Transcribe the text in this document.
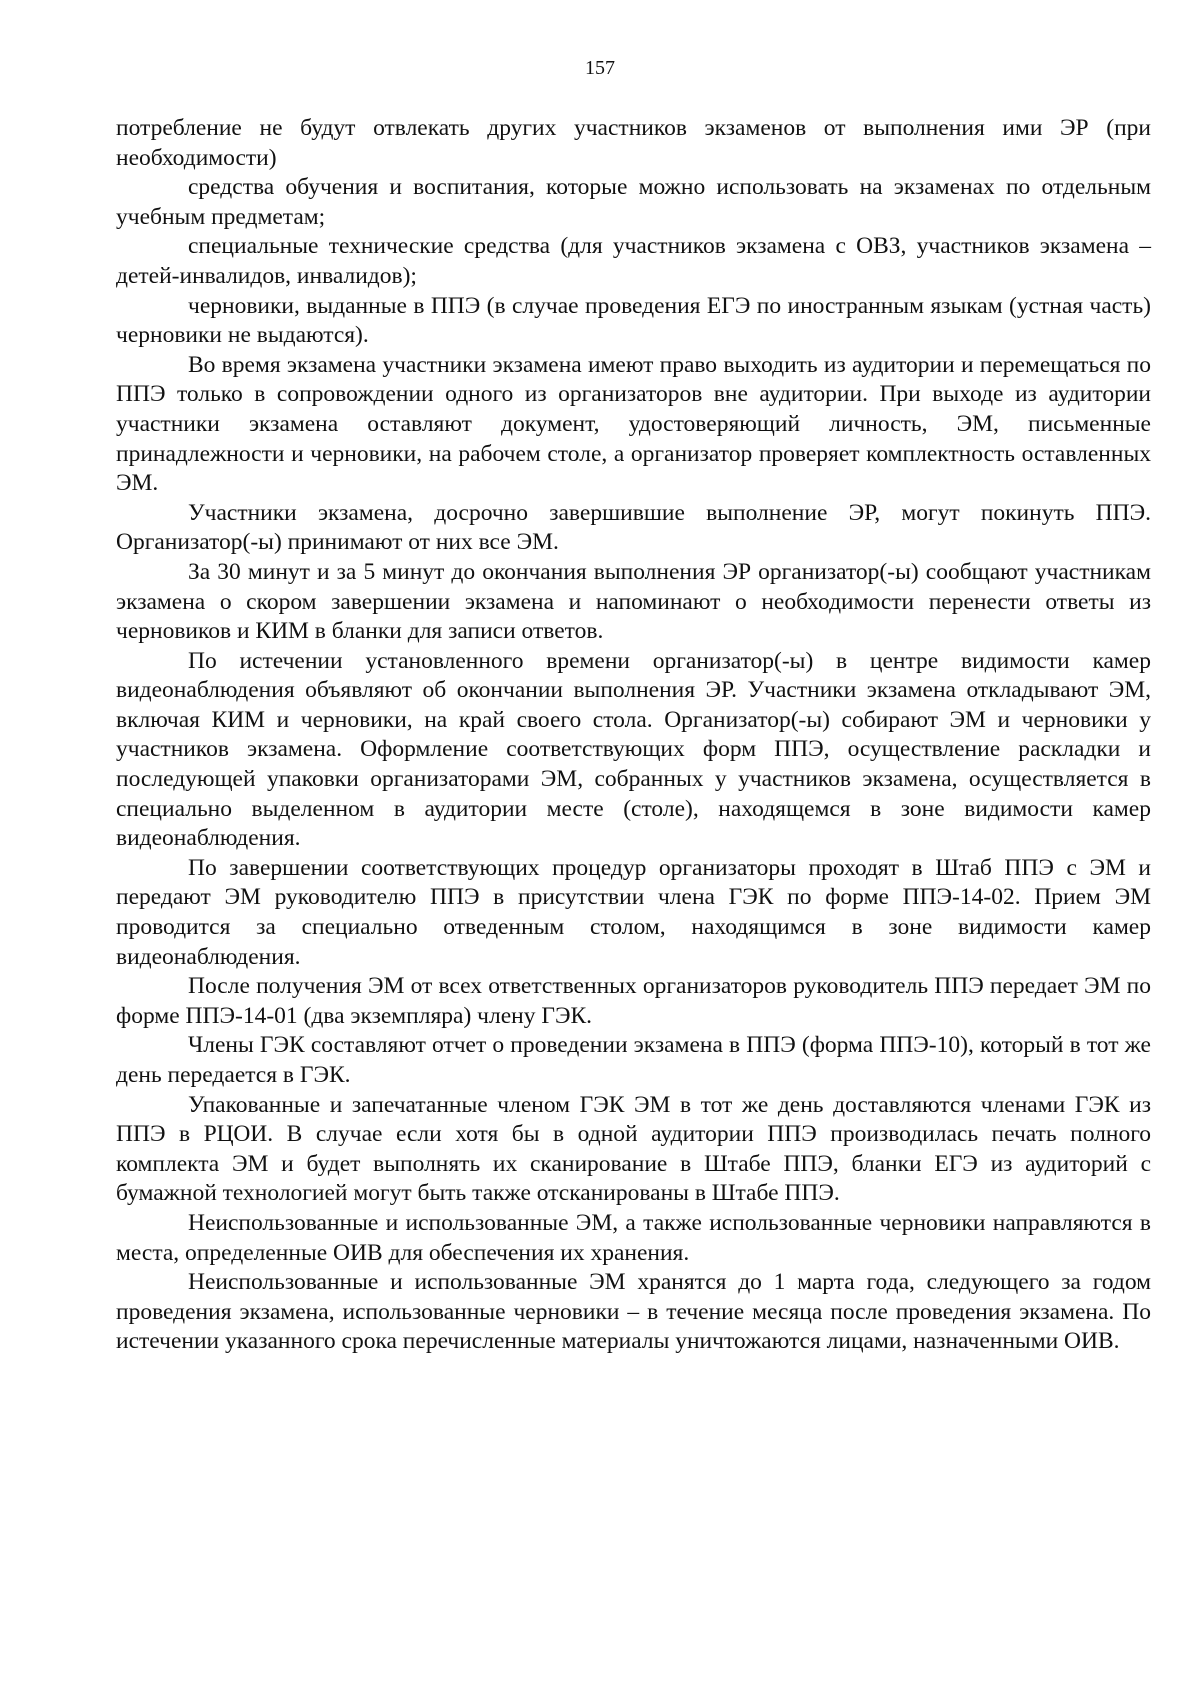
157

потребление не будут отвлекать других участников экзаменов от выполнения ими ЭР (при необходимости)

средства обучения и воспитания, которые можно использовать на экзаменах по отдельным учебным предметам;

специальные технические средства (для участников экзамена с ОВЗ, участников экзамена – детей-инвалидов, инвалидов);

черновики, выданные в ППЭ (в случае проведения ЕГЭ по иностранным языкам (устная часть) черновики не выдаются).

Во время экзамена участники экзамена имеют право выходить из аудитории и перемещаться по ППЭ только в сопровождении одного из организаторов вне аудитории. При выходе из аудитории участники экзамена оставляют документ, удостоверяющий личность, ЭМ, письменные принадлежности и черновики, на рабочем столе, а организатор проверяет комплектность оставленных ЭМ.

Участники экзамена, досрочно завершившие выполнение ЭР, могут покинуть ППЭ. Организатор(-ы) принимают от них все ЭМ.

За 30 минут и за 5 минут до окончания выполнения ЭР организатор(-ы) сообщают участникам экзамена о скором завершении экзамена и напоминают о необходимости перенести ответы из черновиков и КИМ в бланки для записи ответов.

По истечении установленного времени организатор(-ы) в центре видимости камер видеонаблюдения объявляют об окончании выполнения ЭР. Участники экзамена откладывают ЭМ, включая КИМ и черновики, на край своего стола. Организатор(-ы) собирают ЭМ и черновики у участников экзамена. Оформление соответствующих форм ППЭ, осуществление раскладки и последующей упаковки организаторами ЭМ, собранных у участников экзамена, осуществляется в специально выделенном в аудитории месте (столе), находящемся в зоне видимости камер видеонаблюдения.

По завершении соответствующих процедур организаторы проходят в Штаб ППЭ с ЭМ и передают ЭМ руководителю ППЭ в присутствии члена ГЭК по форме ППЭ-14-02. Прием ЭМ проводится за специально отведенным столом, находящимся в зоне видимости камер видеонаблюдения.

После получения ЭМ от всех ответственных организаторов руководитель ППЭ передает ЭМ по форме ППЭ-14-01 (два экземпляра) члену ГЭК.

Члены ГЭК составляют отчет о проведении экзамена в ППЭ (форма ППЭ-10), который в тот же день передается в ГЭК.

Упакованные и запечатанные членом ГЭК ЭМ в тот же день доставляются членами ГЭК из ППЭ в РЦОИ. В случае если хотя бы в одной аудитории ППЭ производилась печать полного комплекта ЭМ и будет выполнять их сканирование в Штабе ППЭ, бланки ЕГЭ из аудиторий с бумажной технологией могут быть также отсканированы в Штабе ППЭ.

Неиспользованные и использованные ЭМ, а также использованные черновики направляются в места, определенные ОИВ для обеспечения их хранения.

Неиспользованные и использованные ЭМ хранятся до 1 марта года, следующего за годом проведения экзамена, использованные черновики – в течение месяца после проведения экзамена. По истечении указанного срока перечисленные материалы уничтожаются лицами, назначенными ОИВ.
